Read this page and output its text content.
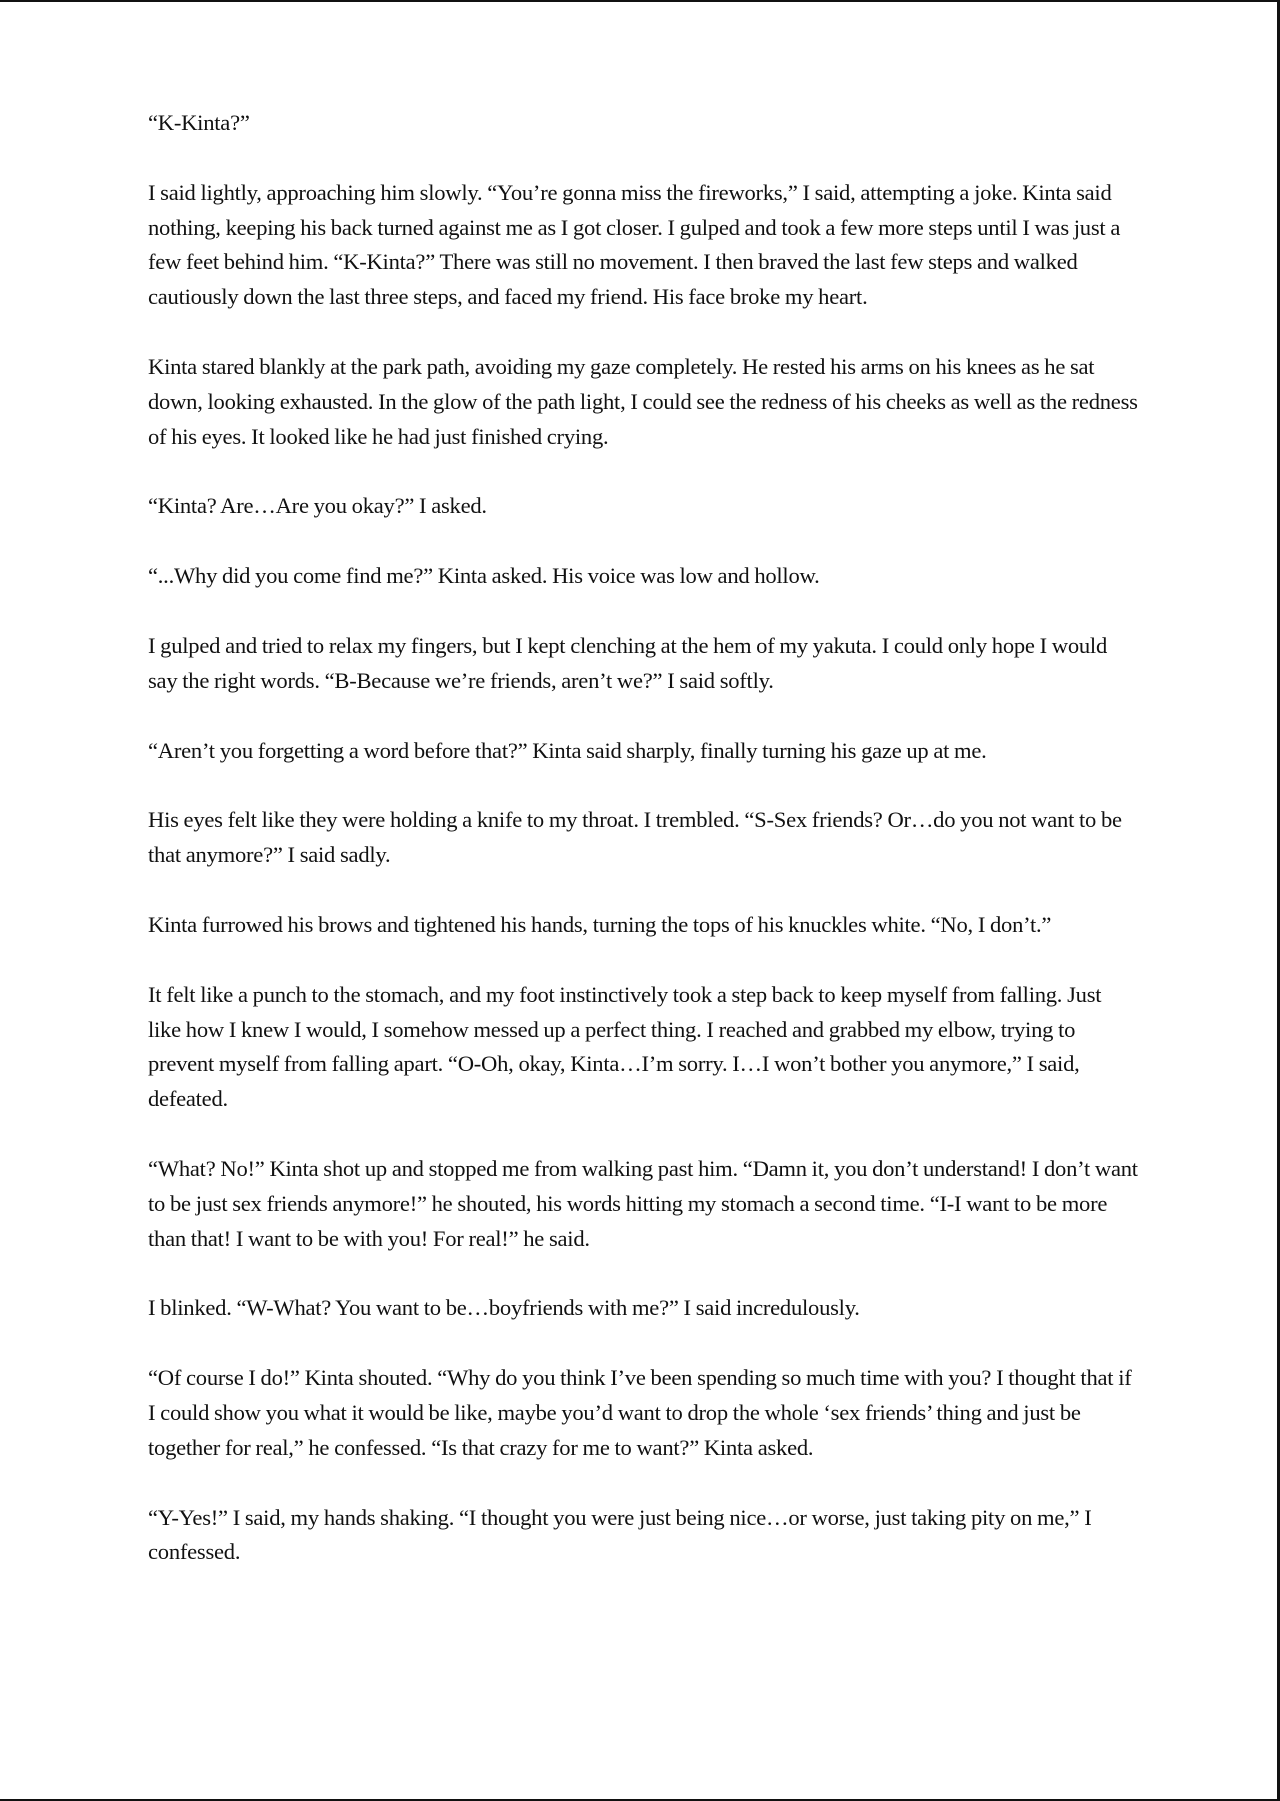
“K-Kinta?”

I said lightly, approaching him slowly. “You’re gonna miss the fireworks,” I said, attempting a joke. Kinta said nothing, keeping his back turned against me as I got closer. I gulped and took a few more steps until I was just a few feet behind him. “K-Kinta?” There was still no movement. I then braved the last few steps and walked cautiously down the last three steps, and faced my friend. His face broke my heart.

Kinta stared blankly at the park path, avoiding my gaze completely. He rested his arms on his knees as he sat down, looking exhausted. In the glow of the path light, I could see the redness of his cheeks as well as the redness of his eyes. It looked like he had just finished crying.

“Kinta? Are…Are you okay?” I asked.

“...Why did you come find me?” Kinta asked. His voice was low and hollow.

I gulped and tried to relax my fingers, but I kept clenching at the hem of my yakuta. I could only hope I would say the right words. “B-Because we’re friends, aren’t we?” I said softly.

“Aren’t you forgetting a word before that?” Kinta said sharply, finally turning his gaze up at me.

His eyes felt like they were holding a knife to my throat. I trembled. “S-Sex friends? Or…do you not want to be that anymore?” I said sadly.

Kinta furrowed his brows and tightened his hands, turning the tops of his knuckles white. “No, I don’t.”

It felt like a punch to the stomach, and my foot instinctively took a step back to keep myself from falling. Just like how I knew I would, I somehow messed up a perfect thing. I reached and grabbed my elbow, trying to prevent myself from falling apart. “O-Oh, okay, Kinta…I’m sorry. I…I won’t bother you anymore,” I said, defeated.

“What? No!” Kinta shot up and stopped me from walking past him. “Damn it, you don’t understand! I don’t want to be just sex friends anymore!” he shouted, his words hitting my stomach a second time. “I-I want to be more than that! I want to be with you! For real!” he said.

I blinked. “W-What? You want to be…boyfriends with me?” I said incredulously.

“Of course I do!” Kinta shouted. “Why do you think I’ve been spending so much time with you? I thought that if I could show you what it would be like, maybe you’d want to drop the whole ‘sex friends’ thing and just be together for real,” he confessed. “Is that crazy for me to want?” Kinta asked.

“Y-Yes!” I said, my hands shaking. “I thought you were just being nice…or worse, just taking pity on me,” I confessed.
